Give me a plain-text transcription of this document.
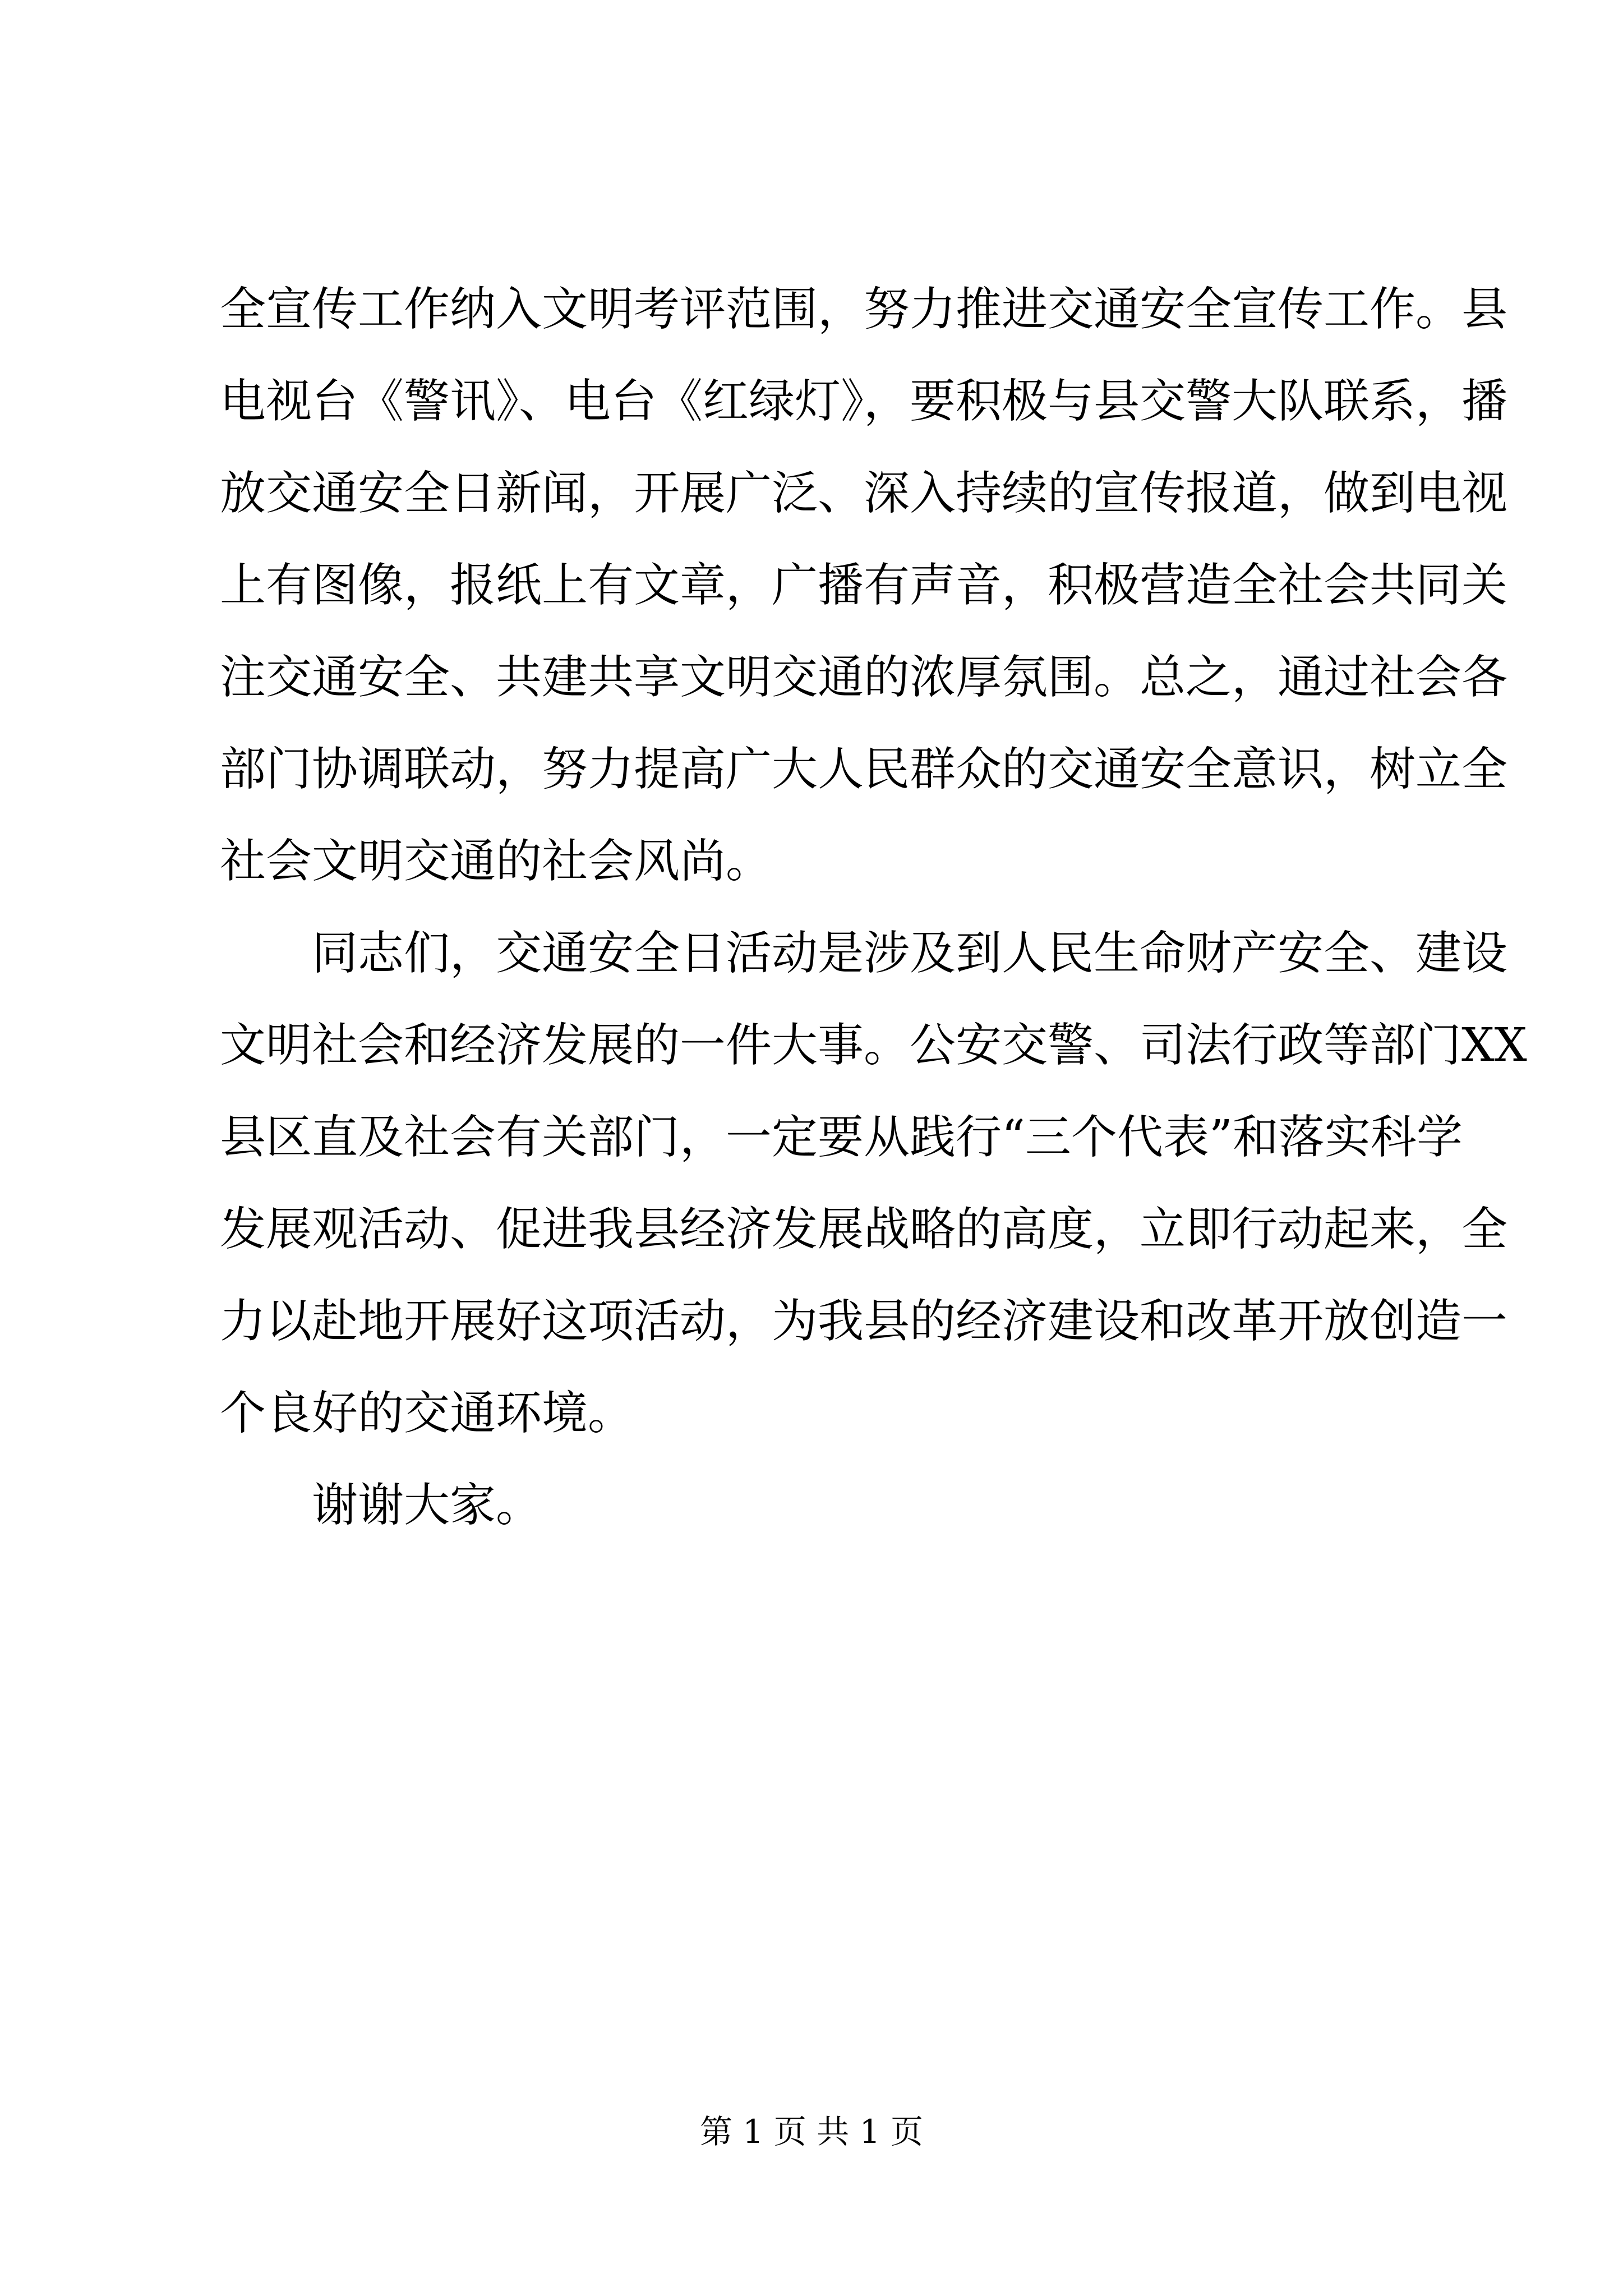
全宣传工作纳入文明考评范围，努力推进交通安全宣传工作。县
电视台《警讯》、电台《红绿灯》，要积极与县交警大队联系，播
放交通安全日新闻，开展广泛、深入持续的宣传报道，做到电视
上有图像，报纸上有文章，广播有声音，积极营造全社会共同关
注交通安全、共建共享文明交通的浓厚氛围。总之，通过社会各
部门协调联动，努力提高广大人民群众的交通安全意识，树立全
社会文明交通的社会风尚。
同志们，交通安全日活动是涉及到人民生命财产安全、建设
文明社会和经济发展的一件大事。公安交警、司法行政等部门XX
县区直及社会有关部门，一定要从践行“三个代表”和落实科学
发展观活动、促进我县经济发展战略的高度，立即行动起来，全
力以赴地开展好这项活动，为我县的经济建设和改革开放创造一
个良好的交通环境。
谢谢大家。
第 1 页 共 1 页
